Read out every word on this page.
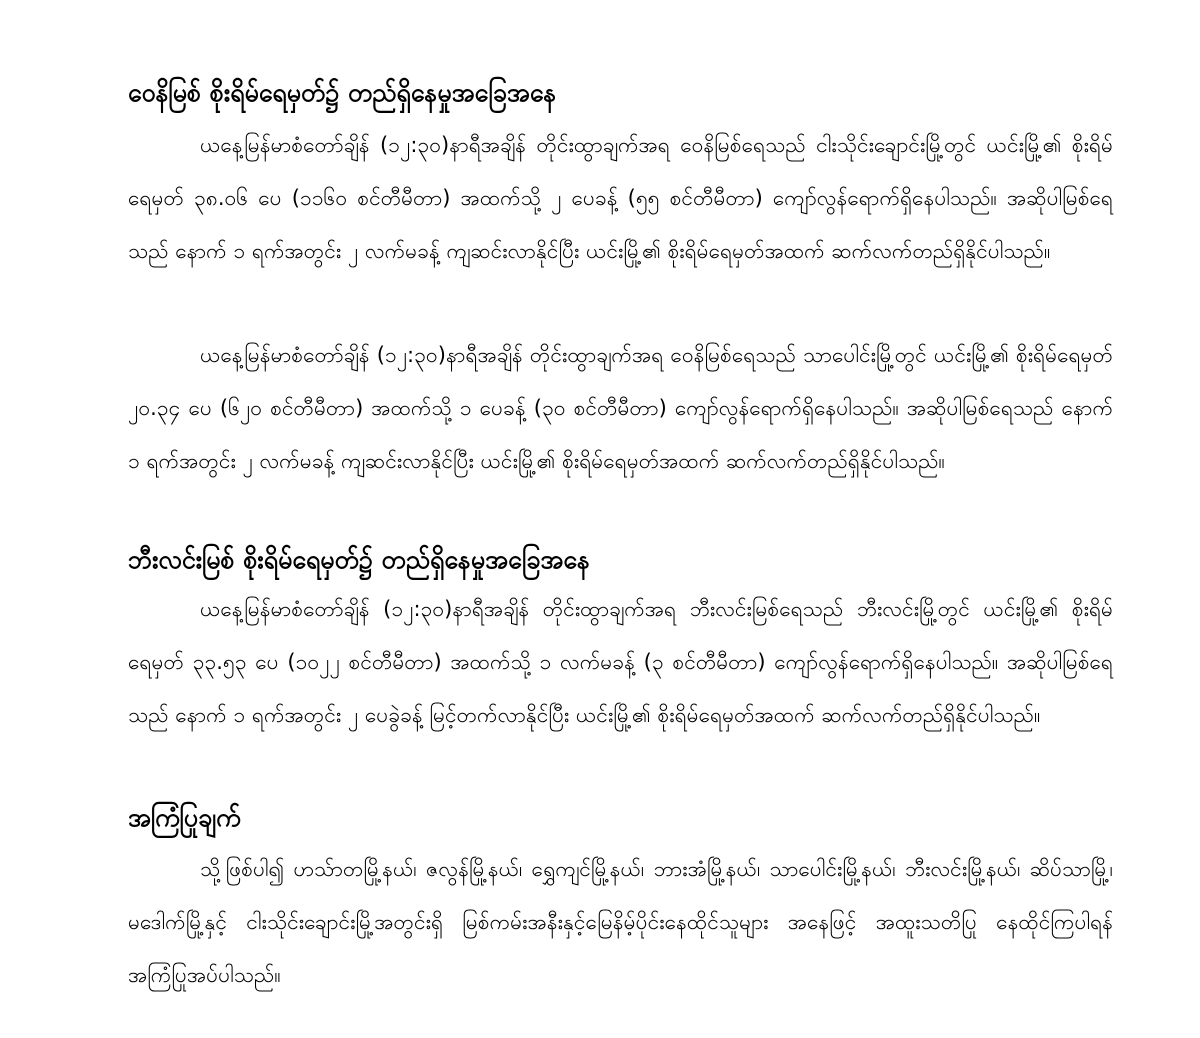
ဝေနိမြစ် စိုးရိမ်ရေမှတ်၌ တည်ရှိနေမှုအခြေအနေ

ယနေ့မြန်မာစံတော်ချိန် (၁၂:၃၀)နာရီအချိန် တိုင်းထွာချက်အရ ဝေနိမြစ်ရေသည် ငါးသိုင်းချောင်းမြို့တွင် ယင်းမြို့၏ စိုးရိမ်ရေမှတ် ၃၈.၀၆ ပေ (၁၁၆၀ စင်တီမီတာ) အထက်သို့ ၂ ပေခန့် (၅၅ စင်တီမီတာ) ကျော်လွန်ရောက်ရှိနေပါသည်။ အဆိုပါမြစ်ရေသည် နောက် ၁ ရက်အတွင်း ၂ လက်မခန့် ကျဆင်းလာနိုင်ပြီး ယင်းမြို့၏ စိုးရိမ်ရေမှတ်အထက် ဆက်လက်တည်ရှိနိုင်ပါသည်။

ယနေ့မြန်မာစံတော်ချိန် (၁၂:၃၀)နာရီအချိန် တိုင်းထွာချက်အရ ဝေနိမြစ်ရေသည် သာပေါင်းမြို့တွင် ယင်းမြို့၏ စိုးရိမ်ရေမှတ် ၂၀.၃၄ ပေ (၆၂၀ စင်တီမီတာ) အထက်သို့ ၁ ပေခန့် (၃၀ စင်တီမီတာ) ကျော်လွန်ရောက်ရှိနေပါသည်။ အဆိုပါမြစ်ရေသည် နောက် ၁ ရက်အတွင်း ၂ လက်မခန့် ကျဆင်းလာနိုင်ပြီး ယင်းမြို့၏ စိုးရိမ်ရေမှတ်အထက် ဆက်လက်တည်ရှိနိုင်ပါသည်။

ဘီးလင်းမြစ် စိုးရိမ်ရေမှတ်၌ တည်ရှိနေမှုအခြေအနေ

ယနေ့မြန်မာစံတော်ချိန် (၁၂:၃၀)နာရီအချိန် တိုင်းထွာချက်အရ ဘီးလင်းမြစ်ရေသည် ဘီးလင်းမြို့တွင် ယင်းမြို့၏ စိုးရိမ်ရေမှတ် ၃၃.၅၃ ပေ (၁၀၂၂ စင်တီမီတာ) အထက်သို့ ၁ လက်မခန့် (၃ စင်တီမီတာ) ကျော်လွန်ရောက်ရှိနေပါသည်။ အဆိုပါမြစ်ရေသည် နောက် ၁ ရက်အတွင်း ၂ ပေခွဲခန့် မြင့်တက်လာနိုင်ပြီး ယင်းမြို့၏ စိုးရိမ်ရေမှတ်အထက် ဆက်လက်တည်ရှိနိုင်ပါသည်။

အကြံပြုချက်

သို့ဖြစ်ပါ၍ ဟသ်ာတမြို့နယ်၊ ဇလွန်မြို့နယ်၊ ရွှေကျင်မြို့နယ်၊ ဘားအံမြို့နယ်၊ သာပေါင်းမြို့နယ်၊ ဘီးလင်းမြို့နယ်၊ ဆိပ်သာမြို့၊ မဒေါက်မြို့နှင့် ငါးသိုင်းချောင်းမြို့အတွင်းရှိ မြစ်ကမ်းအနီးနှင့်မြေနိမ့်ပိုင်းနေထိုင်သူများ အနေဖြင့် အထူးသတိပြု နေထိုင်ကြပါရန် အကြံပြုအပ်ပါသည်။
